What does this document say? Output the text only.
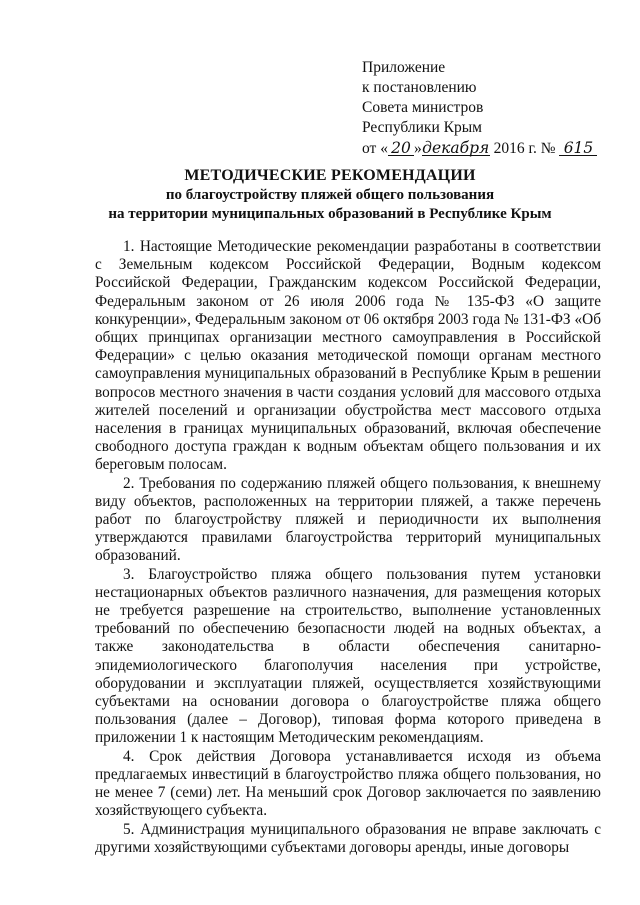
Приложение
к постановлению
Совета министров
Республики Крым
от « 20 »декабря 2016 г. № 615
МЕТОДИЧЕСКИЕ РЕКОМЕНДАЦИИ
по благоустройству пляжей общего пользования
на территории муниципальных образований в Республике Крым

1. Настоящие Методические рекомендации разработаны в соответствии с Земельным кодексом Российской Федерации, Водным кодексом Российской Федерации, Гражданским кодексом Российской Федерации, Федеральным законом от 26 июля 2006 года № 135-ФЗ «О защите конкуренции», Федеральным законом от 06 октября 2003 года № 131-ФЗ «Об общих принципах организации местного самоуправления в Российской Федерации» с целью оказания методической помощи органам местного самоуправления муниципальных образований в Республике Крым в решении вопросов местного значения в части создания условий для массового отдыха жителей поселений и организации обустройства мест массового отдыха населения в границах муниципальных образований, включая обеспечение свободного доступа граждан к водным объектам общего пользования и их береговым полосам.

2. Требования по содержанию пляжей общего пользования, к внешнему виду объектов, расположенных на территории пляжей, а также перечень работ по благоустройству пляжей и периодичности их выполнения утверждаются правилами благоустройства территорий муниципальных образований.

3. Благоустройство пляжа общего пользования путем установки нестационарных объектов различного назначения, для размещения которых не требуется разрешение на строительство, выполнение установленных требований по обеспечению безопасности людей на водных объектах, а также законодательства в области обеспечения санитарно-эпидемиологического благополучия населения при устройстве, оборудовании и эксплуатации пляжей, осуществляется хозяйствующими субъектами на основании договора о благоустройстве пляжа общего пользования (далее – Договор), типовая форма которого приведена в приложении 1 к настоящим Методическим рекомендациям.

4. Срок действия Договора устанавливается исходя из объема предлагаемых инвестиций в благоустройство пляжа общего пользования, но не менее 7 (семи) лет. На меньший срок Договор заключается по заявлению хозяйствующего субъекта.

5. Администрация муниципального образования не вправе заключать с другими хозяйствующими субъектами договоры аренды, иные договоры
